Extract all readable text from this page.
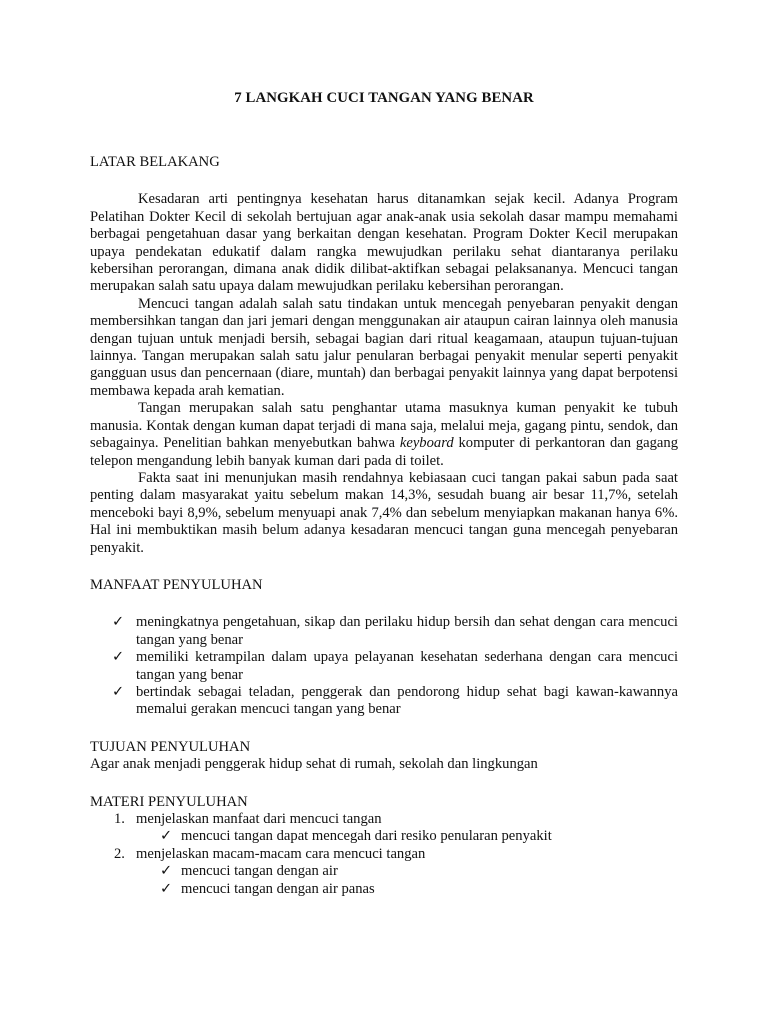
7 LANGKAH CUCI TANGAN YANG BENAR

LATAR BELAKANG

Kesadaran arti pentingnya kesehatan harus ditanamkan sejak kecil. Adanya Program Pelatihan Dokter Kecil di sekolah bertujuan agar anak-anak usia sekolah dasar mampu memahami berbagai pengetahuan dasar yang berkaitan dengan kesehatan. Program Dokter Kecil merupakan upaya pendekatan edukatif dalam rangka mewujudkan perilaku sehat diantaranya perilaku kebersihan perorangan, dimana anak didik dilibat-aktifkan sebagai pelaksananya. Mencuci tangan merupakan salah satu upaya dalam mewujudkan perilaku kebersihan perorangan.

Mencuci tangan adalah salah satu tindakan untuk mencegah penyebaran penyakit dengan membersihkan tangan dan jari jemari dengan menggunakan air ataupun cairan lainnya oleh manusia dengan tujuan untuk menjadi bersih, sebagai bagian dari ritual keagamaan, ataupun tujuan-tujuan lainnya. Tangan merupakan salah satu jalur penularan berbagai penyakit menular seperti penyakit gangguan usus dan pencernaan (diare, muntah) dan berbagai penyakit lainnya yang dapat berpotensi membawa kepada arah kematian.

Tangan merupakan salah satu penghantar utama masuknya kuman penyakit ke tubuh manusia. Kontak dengan kuman dapat terjadi di mana saja, melalui meja, gagang pintu, sendok, dan sebagainya. Penelitian bahkan menyebutkan bahwa keyboard komputer di perkantoran dan gagang telepon mengandung lebih banyak kuman dari pada di toilet.

Fakta saat ini menunjukan masih rendahnya kebiasaan cuci tangan pakai sabun pada saat penting dalam masyarakat yaitu sebelum makan 14,3%, sesudah buang air besar 11,7%, setelah menceboki bayi 8,9%, sebelum menyuapi anak 7,4% dan sebelum menyiapkan makanan hanya 6%. Hal ini membuktikan masih belum adanya kesadaran mencuci tangan guna mencegah penyebaran penyakit.

MANFAAT PENYULUHAN

✓ meningkatnya pengetahuan, sikap dan perilaku hidup bersih dan sehat dengan cara mencuci tangan yang benar
✓ memiliki ketrampilan dalam upaya pelayanan kesehatan sederhana dengan cara mencuci tangan yang benar
✓ bertindak sebagai teladan, penggerak dan pendorong hidup sehat bagi kawan-kawannya memalui gerakan mencuci tangan yang benar

TUJUAN PENYULUHAN

Agar anak menjadi penggerak hidup sehat di rumah, sekolah dan lingkungan

MATERI PENYULUHAN

1. menjelaskan manfaat dari mencuci tangan
✓ mencuci tangan dapat mencegah dari resiko penularan penyakit
2. menjelaskan macam-macam cara mencuci tangan
✓ mencuci tangan dengan air
✓ mencuci tangan dengan air panas
